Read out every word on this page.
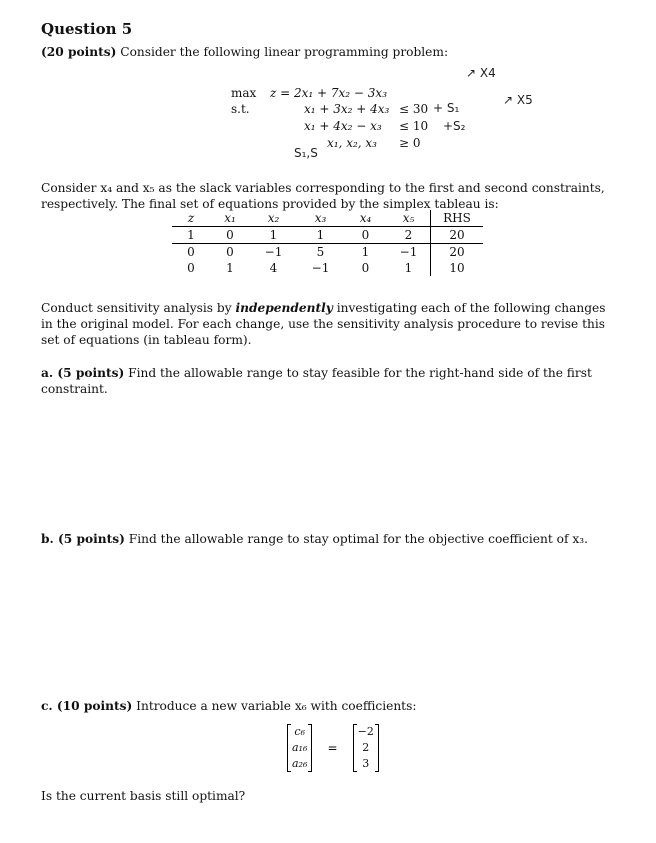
Question 5
(20 points) Consider the following linear programming problem:
max z = 2x₁ + 7x₂ − 3x₃
s.t.	x₁ + 3x₂ + 4x₃ ≤ 30
x₁ + 4x₂ − x₃ ≤ 10
x₁, x₂, x₃ ≥ 0
+ S₁
+S₂
↗ X4
↗ X5
S₁,S
Consider x₄ and x₅ as the slack variables corresponding to the first and second constraints, respectively. The final set of equations provided by the simplex tableau is:
z	x₁	x₂	x₃	x₄	x₅	RHS
1	0	1	1	0	2	20
0	0	−1	5	1	−1	20
0	1	4	−1	0	1	10
Conduct sensitivity analysis by independently investigating each of the following changes in the original model. For each change, use the sensitivity analysis procedure to revise this set of equations (in tableau form).
a. (5 points) Find the allowable range to stay feasible for the right-hand side of the first constraint.
b. (5 points) Find the allowable range to stay optimal for the objective coefficient of x₃.
c. (10 points) Introduce a new variable x₆ with coefficients:
c₆
a₁₆
a₂₆
=
−2
2
3
Is the current basis still optimal?
